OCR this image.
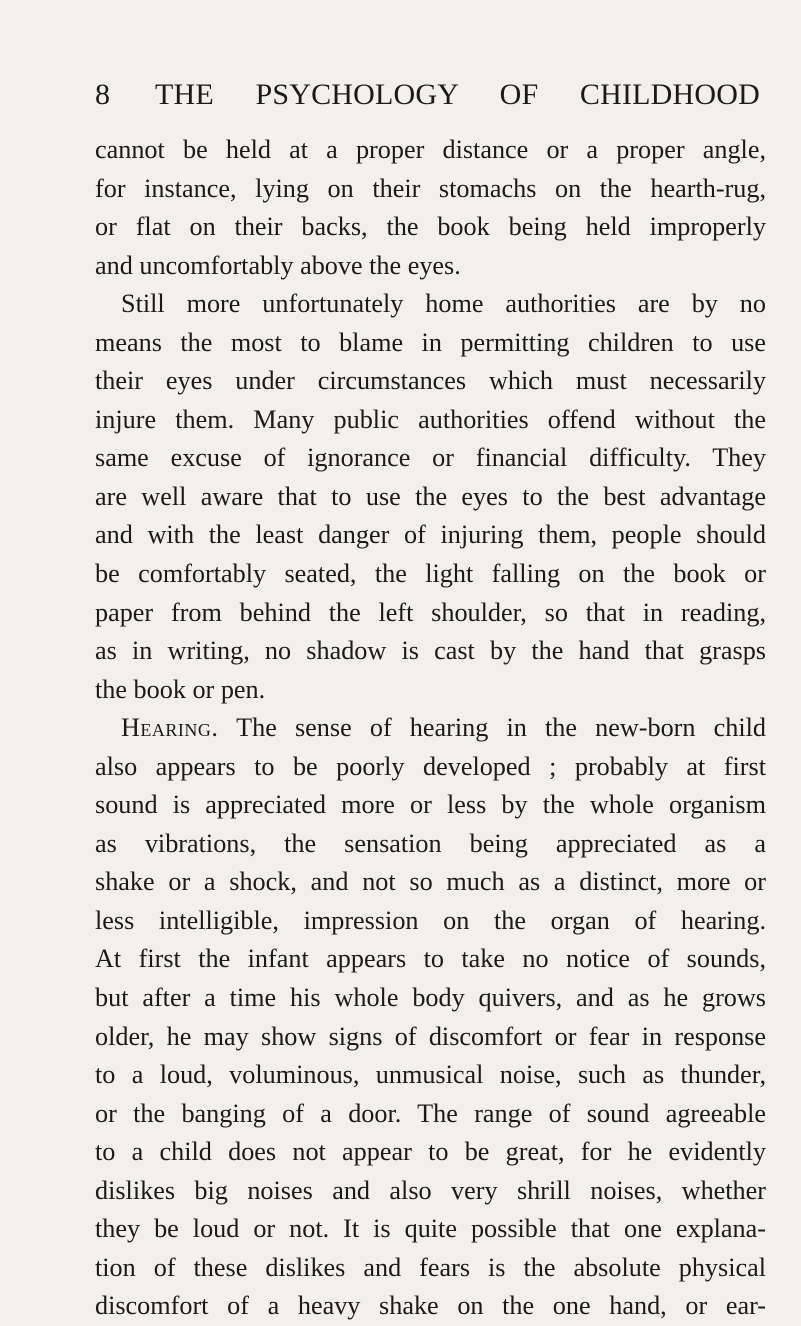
8 THE PSYCHOLOGY OF CHILDHOOD
cannot be held at a proper distance or a proper angle,
for instance, lying on their stomachs on the hearth-rug,
or flat on their backs, the book being held improperly
and uncomfortably above the eyes.
Still more unfortunately home authorities are by no
means the most to blame in permitting children to use
their eyes under circumstances which must necessarily
injure them. Many public authorities offend without the
same excuse of ignorance or financial difficulty. They
are well aware that to use the eyes to the best advantage
and with the least danger of injuring them, people should
be comfortably seated, the light falling on the book or
paper from behind the left shoulder, so that in reading,
as in writing, no shadow is cast by the hand that grasps
the book or pen.
Hearing. The sense of hearing in the new-born child
also appears to be poorly developed ; probably at first
sound is appreciated more or less by the whole organism
as vibrations, the sensation being appreciated as a
shake or a shock, and not so much as a distinct, more or
less intelligible, impression on the organ of hearing.
At first the infant appears to take no notice of sounds,
but after a time his whole body quivers, and as he grows
older, he may show signs of discomfort or fear in response
to a loud, voluminous, unmusical noise, such as thunder,
or the banging of a door. The range of sound agreeable
to a child does not appear to be great, for he evidently
dislikes big noises and also very shrill noises, whether
they be loud or not. It is quite possible that one explana-
tion of these dislikes and fears is the absolute physical
discomfort of a heavy shake on the one hand, or ear-
